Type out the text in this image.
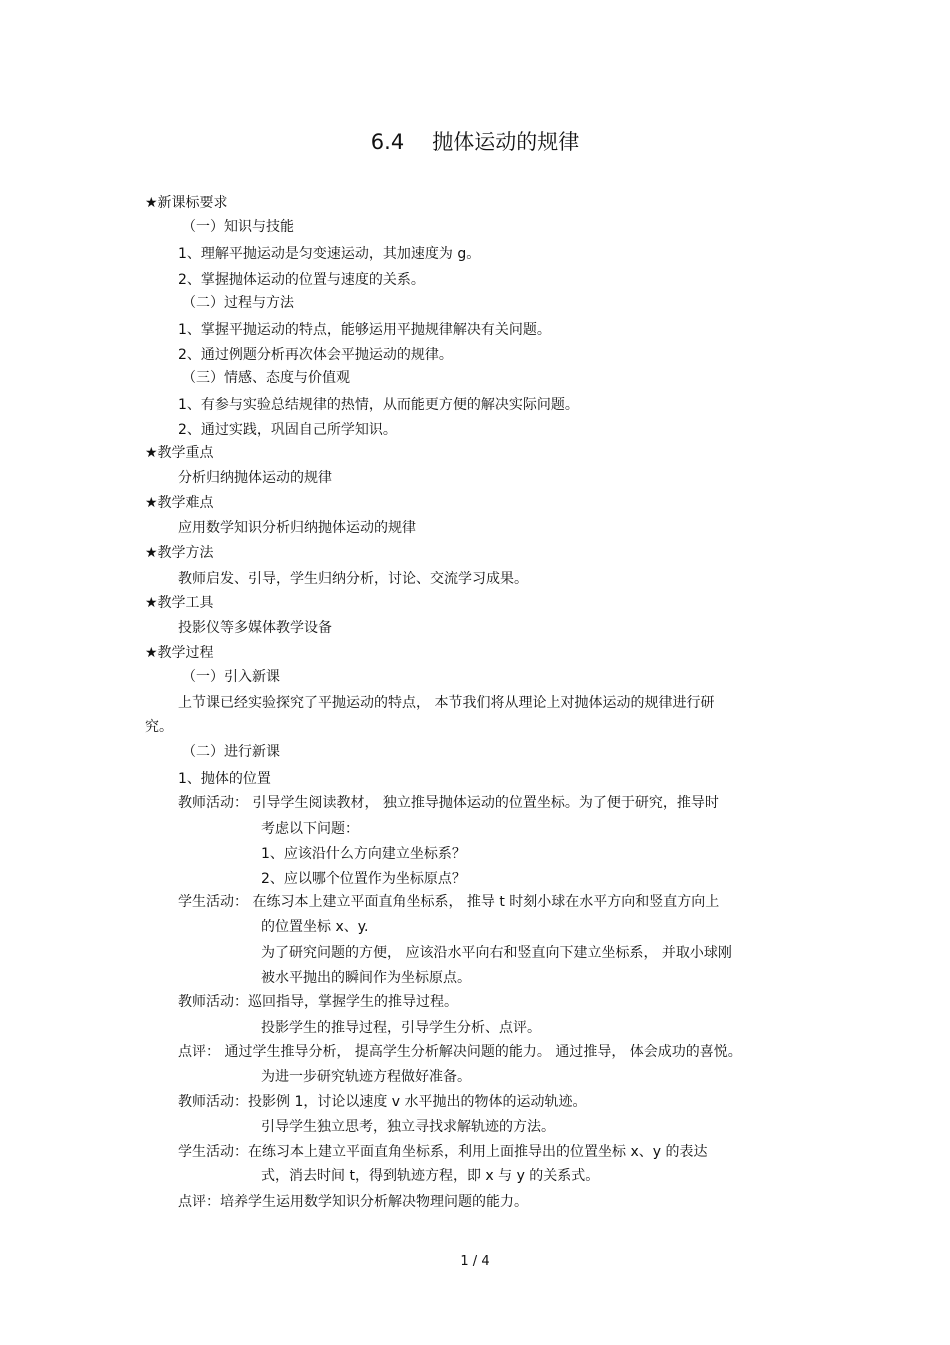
6.4 抛体运动的规律
★新课标要求
（一）知识与技能
1、理解平抛运动是匀变速运动，其加速度为 g。
2、掌握抛体运动的位置与速度的关系。
（二）过程与方法
1、掌握平抛运动的特点，能够运用平抛规律解决有关问题。
2、通过例题分析再次体会平抛运动的规律。
（三）情感、态度与价值观
1、有参与实验总结规律的热情，从而能更方便的解决实际问题。
2、通过实践，巩固自己所学知识。
★教学重点
分析归纳抛体运动的规律
★教学难点
应用数学知识分析归纳抛体运动的规律
★教学方法
教师启发、引导，学生归纳分析，讨论、交流学习成果。
★教学工具
投影仪等多媒体教学设备
★教学过程
（一）引入新课
上节课已经实验探究了平抛运动的特点， 本节我们将从理论上对抛体运动的规律进行研
究。
（二）进行新课
1、抛体的位置
教师活动： 引导学生阅读教材， 独立推导抛体运动的位置坐标。为了便于研究，推导时
考虑以下问题：
1、应该沿什么方向建立坐标系？
2、应以哪个位置作为坐标原点？
学生活动： 在练习本上建立平面直角坐标系， 推导 t 时刻小球在水平方向和竖直方向上
的位置坐标 x、y.
为了研究问题的方便， 应该沿水平向右和竖直向下建立坐标系， 并取小球刚
被水平抛出的瞬间作为坐标原点。
教师活动：巡回指导，掌握学生的推导过程。
投影学生的推导过程，引导学生分析、点评。
点评： 通过学生推导分析， 提高学生分析解决问题的能力。 通过推导， 体会成功的喜悦。
为进一步研究轨迹方程做好准备。
教师活动：投影例 1，讨论以速度 v 水平抛出的物体的运动轨迹。
引导学生独立思考，独立寻找求解轨迹的方法。
学生活动：在练习本上建立平面直角坐标系，利用上面推导出的位置坐标 x、y 的表达
式，消去时间 t，得到轨迹方程，即 x 与 y 的关系式。
点评：培养学生运用数学知识分析解决物理问题的能力。
1 / 4
